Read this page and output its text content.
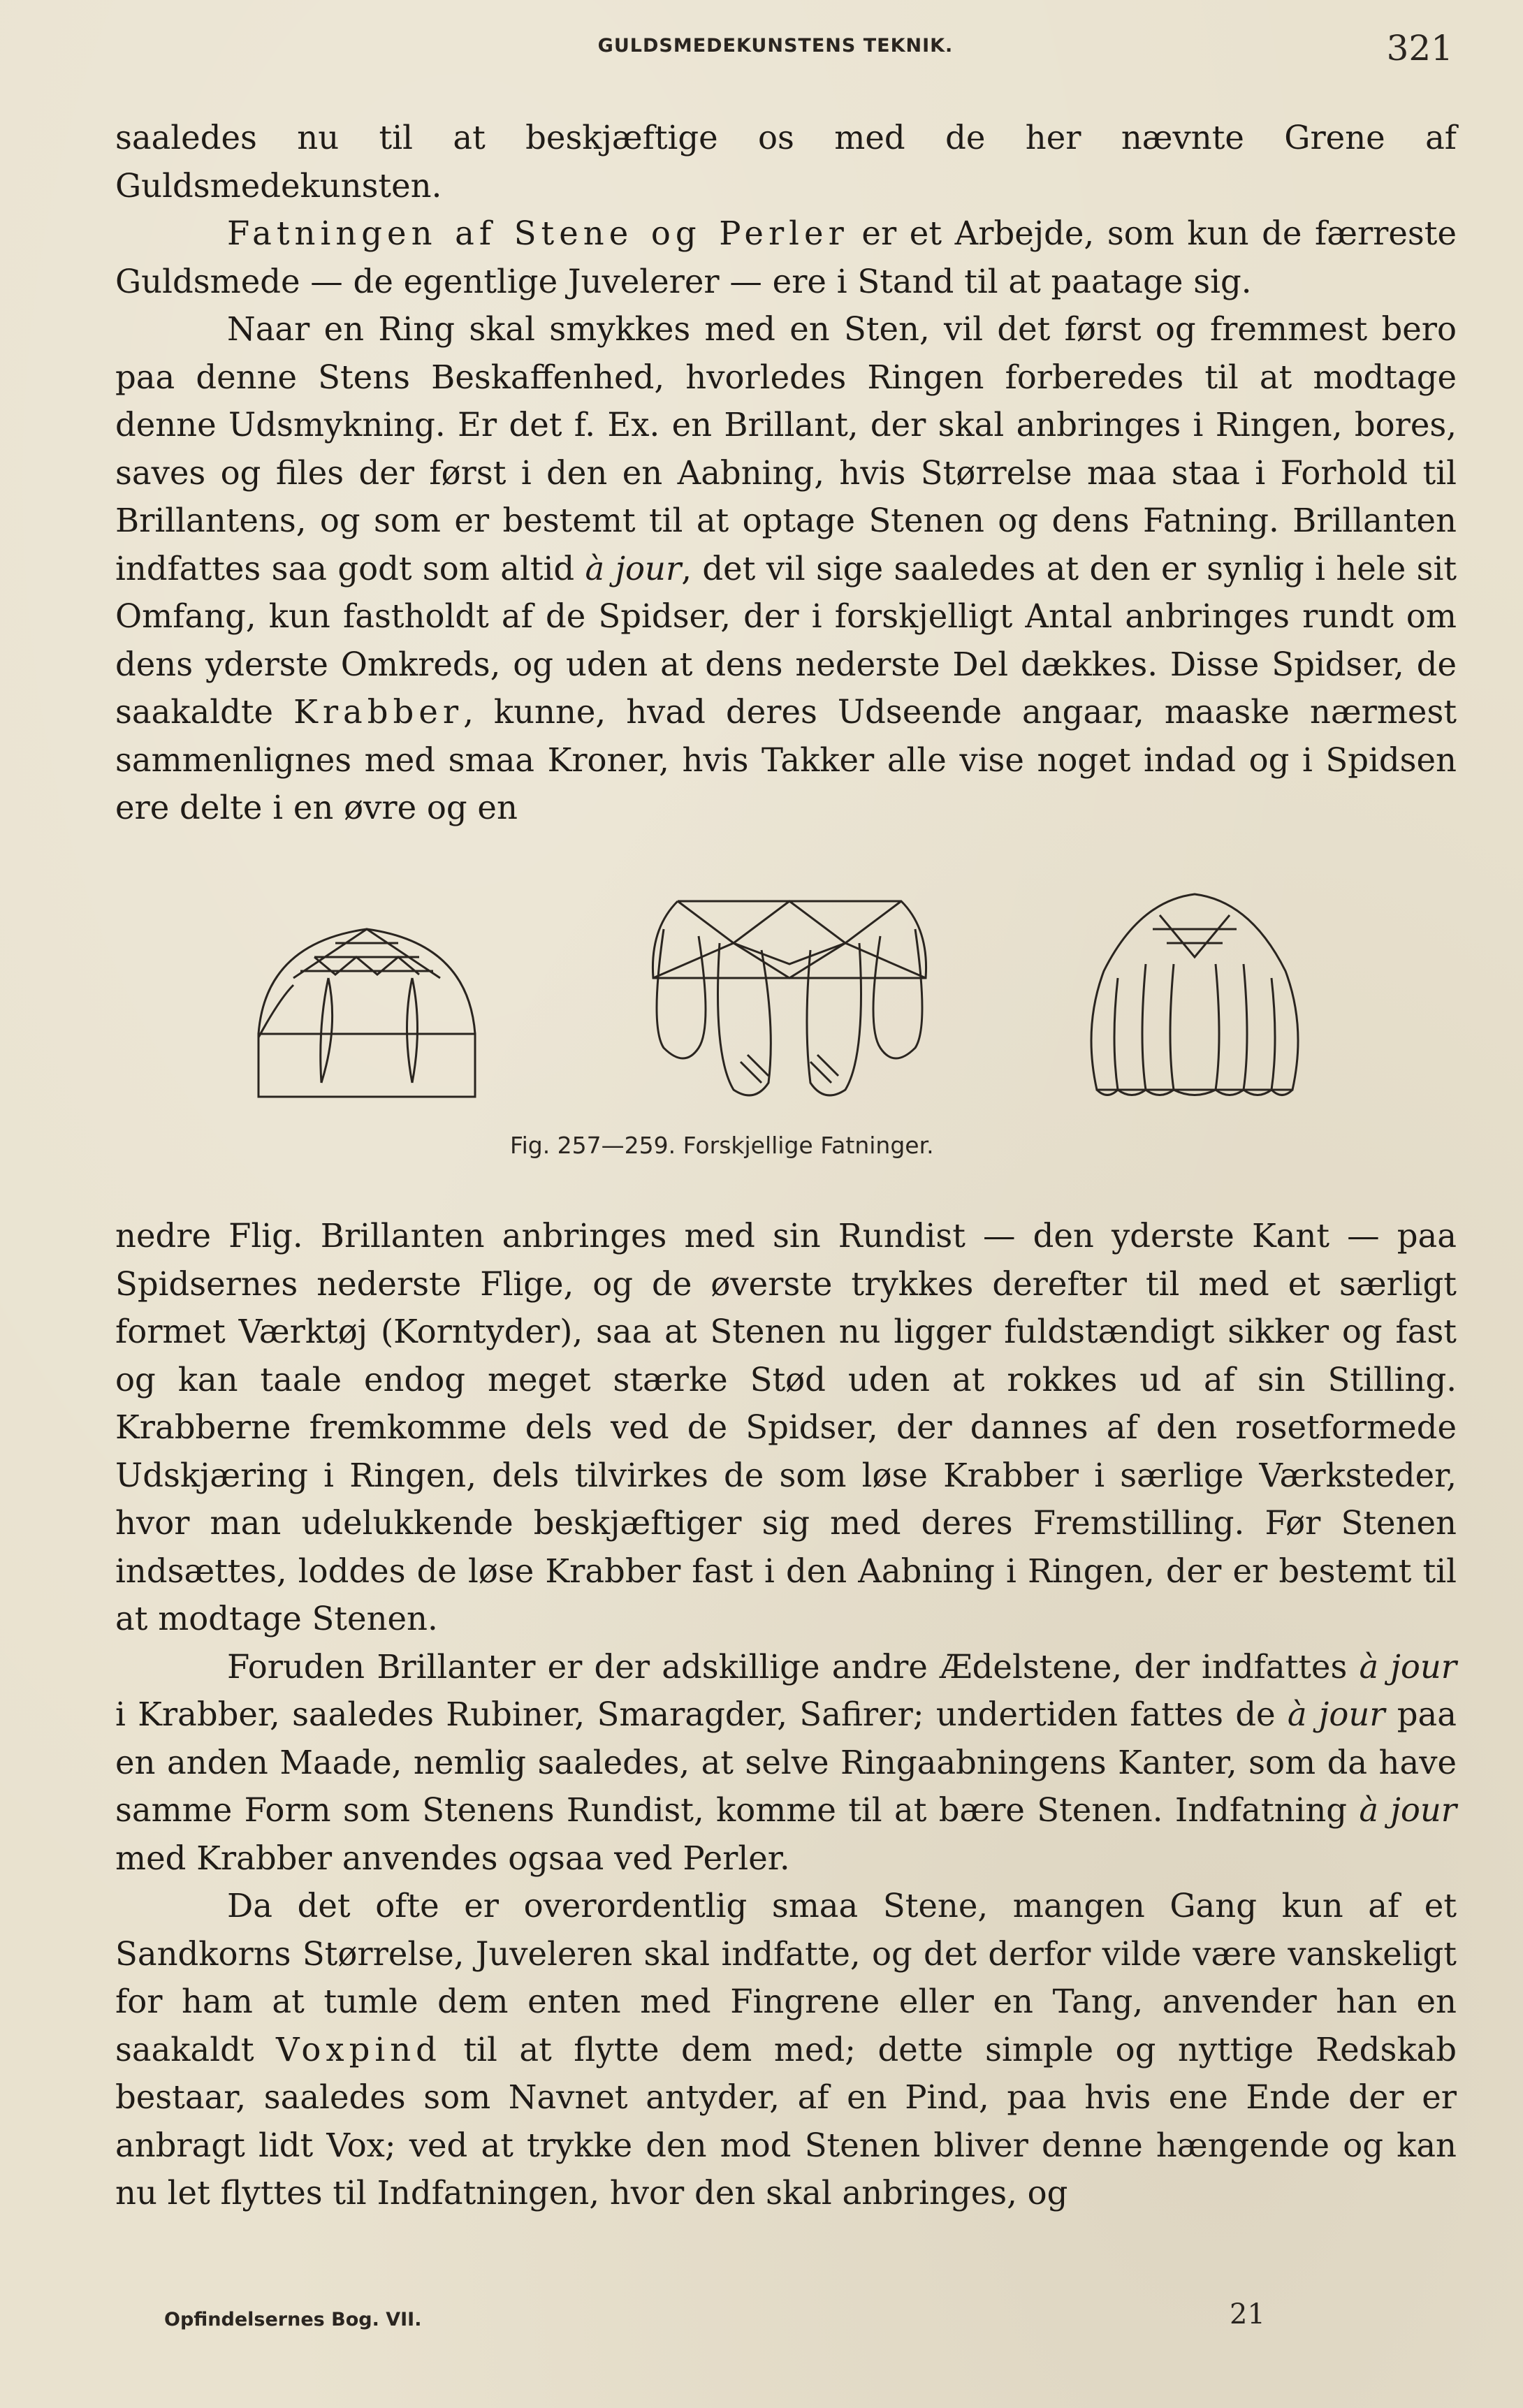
GULDSMEDEKUNSTENS TEKNIK.	321

saaledes nu til at beskjæftige os med de her nævnte Grene af Guldsmedekunsten.

Fatningen af Stene og Perler er et Arbejde, som kun de færreste Guldsmede — de egentlige Juvelerer — ere i Stand til at paatage sig.

Naar en Ring skal smykkes med en Sten, vil det først og fremmest bero paa denne Stens Beskaffenhed, hvorledes Ringen forberedes til at modtage denne Udsmykning. Er det f. Ex. en Brillant, der skal anbringes i Ringen, bores, saves og files der først i den en Aabning, hvis Størrelse maa staa i Forhold til Brillantens, og som er bestemt til at optage Stenen og dens Fatning. Brillanten indfattes saa godt som altid à jour, det vil sige saaledes at den er synlig i hele sit Omfang, kun fastholdt af de Spidser, der i forskjelligt Antal anbringes rundt om dens yderste Omkreds, og uden at dens nederste Del dækkes. Disse Spidser, de saakaldte Krabber, kunne, hvad deres Udseende angaar, maaske nærmest sammenlignes med smaa Kroner, hvis Takker alle vise noget indad og i Spidsen ere delte i en øvre og en

Fig. 257—259. Forskjellige Fatninger.

nedre Flig. Brillanten anbringes med sin Rundist — den yderste Kant — paa Spidsernes nederste Flige, og de øverste trykkes derefter til med et særligt formet Værktøj (Korntyder), saa at Stenen nu ligger fuldstændigt sikker og fast og kan taale endog meget stærke Stød uden at rokkes ud af sin Stilling. Krabberne fremkomme dels ved de Spidser, der dannes af den rosetformede Udskjæring i Ringen, dels tilvirkes de som løse Krabber i særlige Værksteder, hvor man udelukkende beskjæftiger sig med deres Fremstilling. Før Stenen indsættes, loddes de løse Krabber fast i den Aabning i Ringen, der er bestemt til at modtage Stenen.

Foruden Brillanter er der adskillige andre Ædelstene, der indfattes à jour i Krabber, saaledes Rubiner, Smaragder, Safirer; undertiden fattes de à jour paa en anden Maade, nemlig saaledes, at selve Ringaabningens Kanter, som da have samme Form som Stenens Rundist, komme til at bære Stenen. Indfatning à jour med Krabber anvendes ogsaa ved Perler.

Da det ofte er overordentlig smaa Stene, mangen Gang kun af et Sandkorns Størrelse, Juveleren skal indfatte, og det derfor vilde være vanskeligt for ham at tumle dem enten med Fingrene eller en Tang, anvender han en saakaldt Voxpind til at flytte dem med; dette simple og nyttige Redskab bestaar, saaledes som Navnet antyder, af en Pind, paa hvis ene Ende der er anbragt lidt Vox; ved at trykke den mod Stenen bliver denne hængende og kan nu let flyttes til Indfatningen, hvor den skal anbringes, og

Opfindelsernes Bog. VII.	21
